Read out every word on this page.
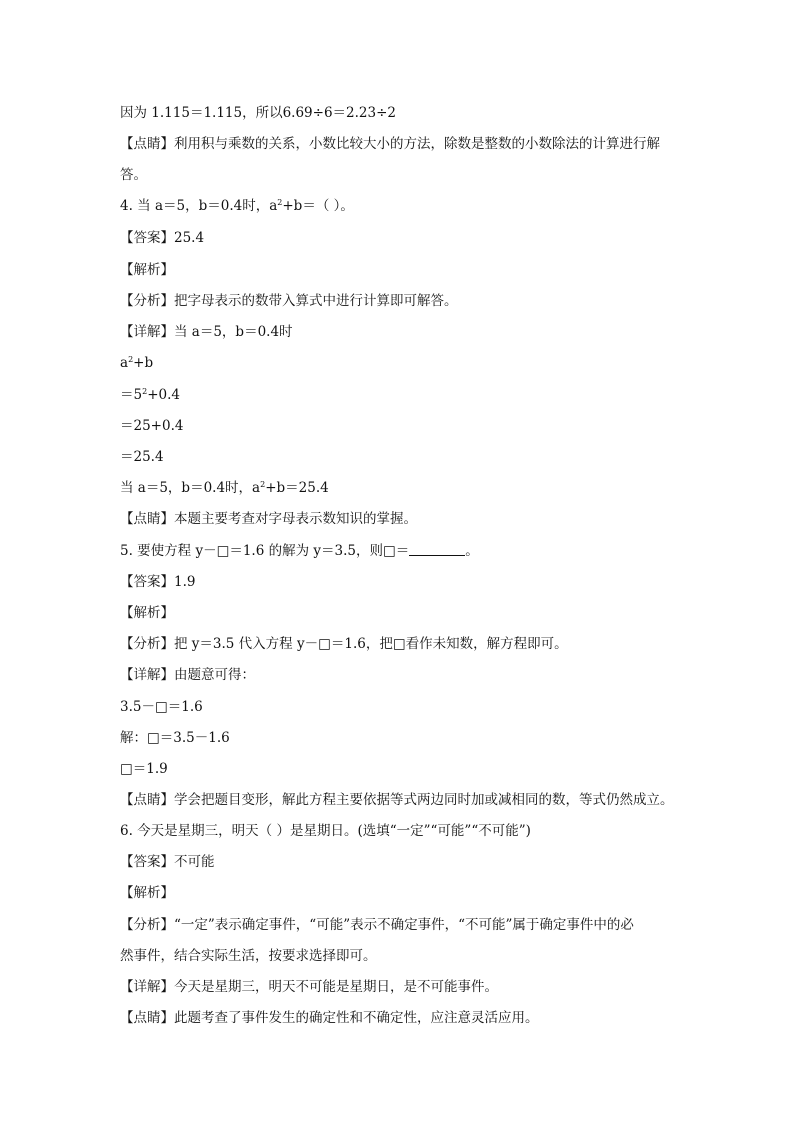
因为 1.115＝1.115，所以6.69÷6＝2.23÷2
【点睛】利用积与乘数的关系，小数比较大小的方法，除数是整数的小数除法的计算进行解
答。
4. 当 a＝5，b＝0.4时，$a^2+b=$（ ）。
【答案】25.4
【解析】
【分析】把字母表示的数带入算式中进行计算即可解答。
【详解】当 a＝5，b＝0.4时
$a^2+b$
$=5^2+0.4$
＝25+0.4
＝25.4
当 a＝5，b＝0.4时，$a^2+b=25.4$
【点睛】本题主要考查对字母表示数知识的掌握。
5. 要使方程 y－□＝1.6 的解为 y＝3.5，则□＝	。
【答案】1.9
【解析】
【分析】把 y＝3.5 代入方程 y－□＝1.6，把□看作未知数，解方程即可。
【详解】由题意可得：
3.5－□＝1.6
解：□＝3.5－1.6
□＝1.9
【点睛】学会把题目变形，解此方程主要依据等式两边同时加或减相同的数，等式仍然成立。
6. 今天是星期三，明天（ ）是星期日。(选填“一定”“可能”“不可能”)
【答案】不可能
【解析】
【分析】“一定”表示确定事件，“可能”表示不确定事件，“不可能”属于确定事件中的必
然事件，结合实际生活，按要求选择即可。
【详解】今天是星期三，明天不可能是星期日，是不可能事件。
【点睛】此题考查了事件发生的确定性和不确定性，应注意灵活应用。
